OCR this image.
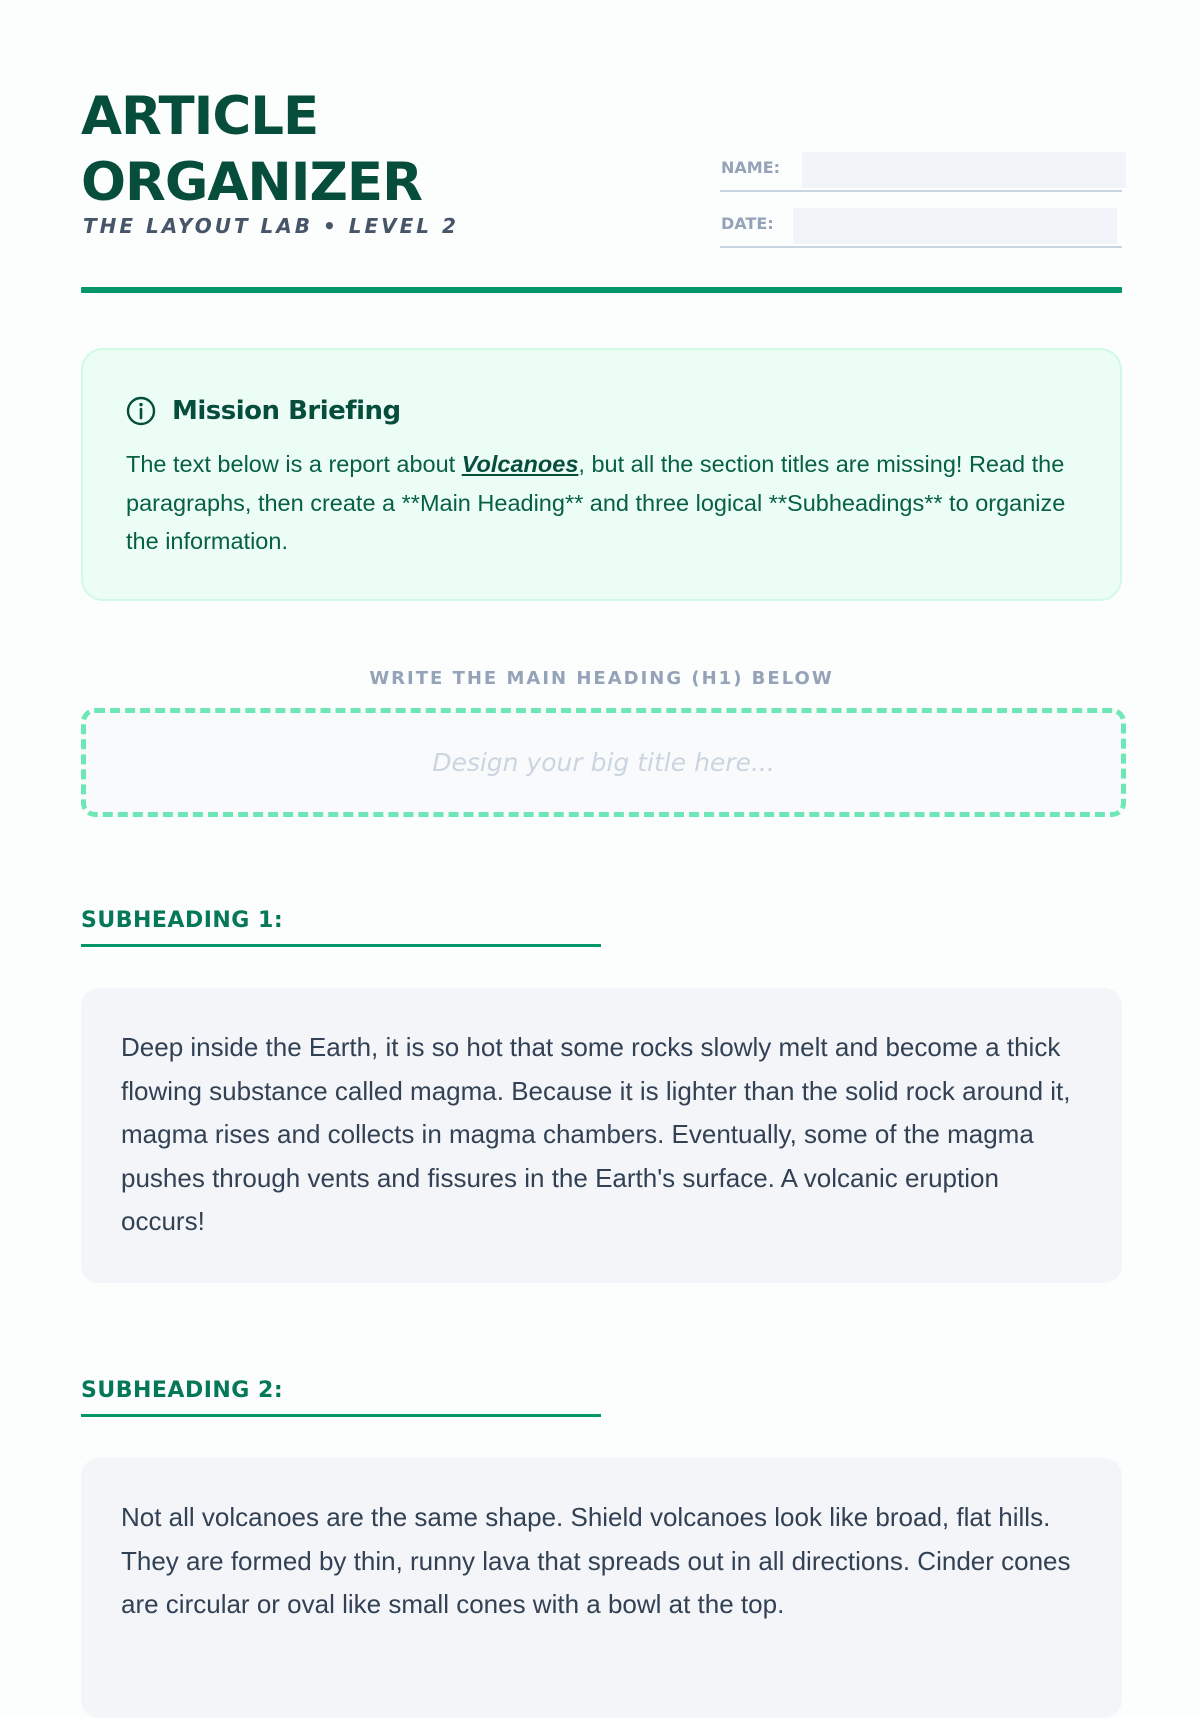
ARTICLE
ORGANIZER
THE LAYOUT LAB • LEVEL 2
NAME:
DATE:
Mission Briefing
The text below is a report about Volcanoes, but all the section titles are missing! Read the paragraphs, then create a **Main Heading** and three logical **Subheadings** to organize the information.
WRITE THE MAIN HEADING (H1) BELOW
Design your big title here...
SUBHEADING 1:
Deep inside the Earth, it is so hot that some rocks slowly melt and become a thick flowing substance called magma. Because it is lighter than the solid rock around it, magma rises and collects in magma chambers. Eventually, some of the magma pushes through vents and fissures in the Earth's surface. A volcanic eruption occurs!
SUBHEADING 2:
Not all volcanoes are the same shape. Shield volcanoes look like broad, flat hills. They are formed by thin, runny lava that spreads out in all directions. Cinder cones are circular or oval like small cones with a bowl at the top.
